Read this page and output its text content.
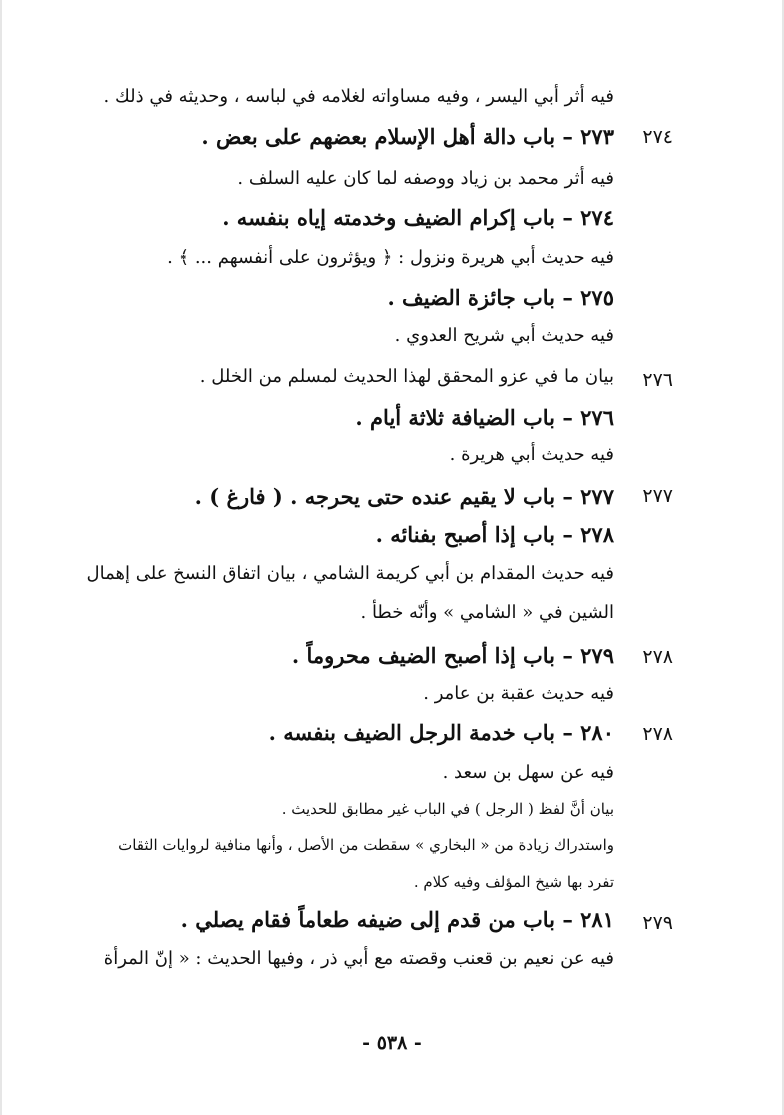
فيه أثر أبي اليسر ، وفيه مساواته لغلامه في لباسه ، وحديثه في ذلك .
٢٧٤
٢٧٣ – باب دالة أهل الإسلام بعضهم على بعض .
فيه أثر محمد بن زياد ووصفه لما كان عليه السلف .
٢٧٤ – باب إكرام الضيف وخدمته إياه بنفسه .
فيه حديث أبي هريرة ونزول : ﴿ ويؤثرون على أنفسهم ... ﴾ .
٢٧٥ – باب جائزة الضيف .
فيه حديث أبي شريح العدوي .
٢٧٦
بيان ما في عزو المحقق لهذا الحديث لمسلم من الخلل .
٢٧٦ – باب الضيافة ثلاثة أيام .
فيه حديث أبي هريرة .
٢٧٧
٢٧٧ – باب لا يقيم عنده حتى يحرجه . ( فارغ ) .
٢٧٨ – باب إذا أصبح بفنائه .
فيه حديث المقدام بن أبي كريمة الشامي ، بيان اتفاق النسخ على إهمال
الشين في « الشامي » وأنّه خطأ .
٢٧٨
٢٧٩ – باب إذا أصبح الضيف محروماً .
فيه حديث عقبة بن عامر .
٢٧٨
٢٨٠ – باب خدمة الرجل الضيف بنفسه .
فيه عن سهل بن سعد .
بيان أنَّ لفظ ( الرجل ) في الباب غير مطابق للحديث .
واستدراك زيادة من « البخاري » سقطت من الأصل ، وأنها منافية لروايات الثقات
تفرد بها شيخ المؤلف وفيه كلام .
٢٧٩
٢٨١ – باب من قدم إلى ضيفه طعاماً فقام يصلي .
فيه عن نعيم بن قعنب وقصته مع أبي ذر ، وفيها الحديث : « إنّ المرأة
- ٥٣٨ -
